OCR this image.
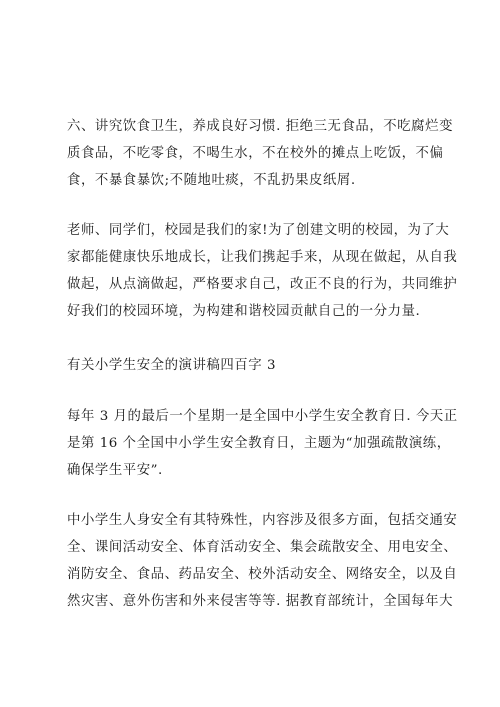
六、讲究饮食卫生，养成良好习惯. 拒绝三无食品，不吃腐烂变
质食品，不吃零食，不喝生水，不在校外的摊点上吃饭，不偏
食，不暴食暴饮;不随地吐痰，不乱扔果皮纸屑.
老师、同学们，校园是我们的家!为了创建文明的校园，为了大
家都能健康快乐地成长，让我们携起手来，从现在做起，从自我
做起，从点滴做起，严格要求自己，改正不良的行为，共同维护
好我们的校园环境，为构建和谐校园贡献自己的一分力量.
有关小学生安全的演讲稿四百字 3
每年 3 月的最后一个星期一是全国中小学生安全教育日. 今天正
是第 16 个全国中小学生安全教育日，主题为“加强疏散演练，
确保学生平安”.
中小学生人身安全有其特殊性，内容涉及很多方面，包括交通安
全、课间活动安全、体育活动安全、集会疏散安全、用电安全、
消防安全、食品、药品安全、校外活动安全、网络安全，以及自
然灾害、意外伤害和外来侵害等等. 据教育部统计，全国每年大
